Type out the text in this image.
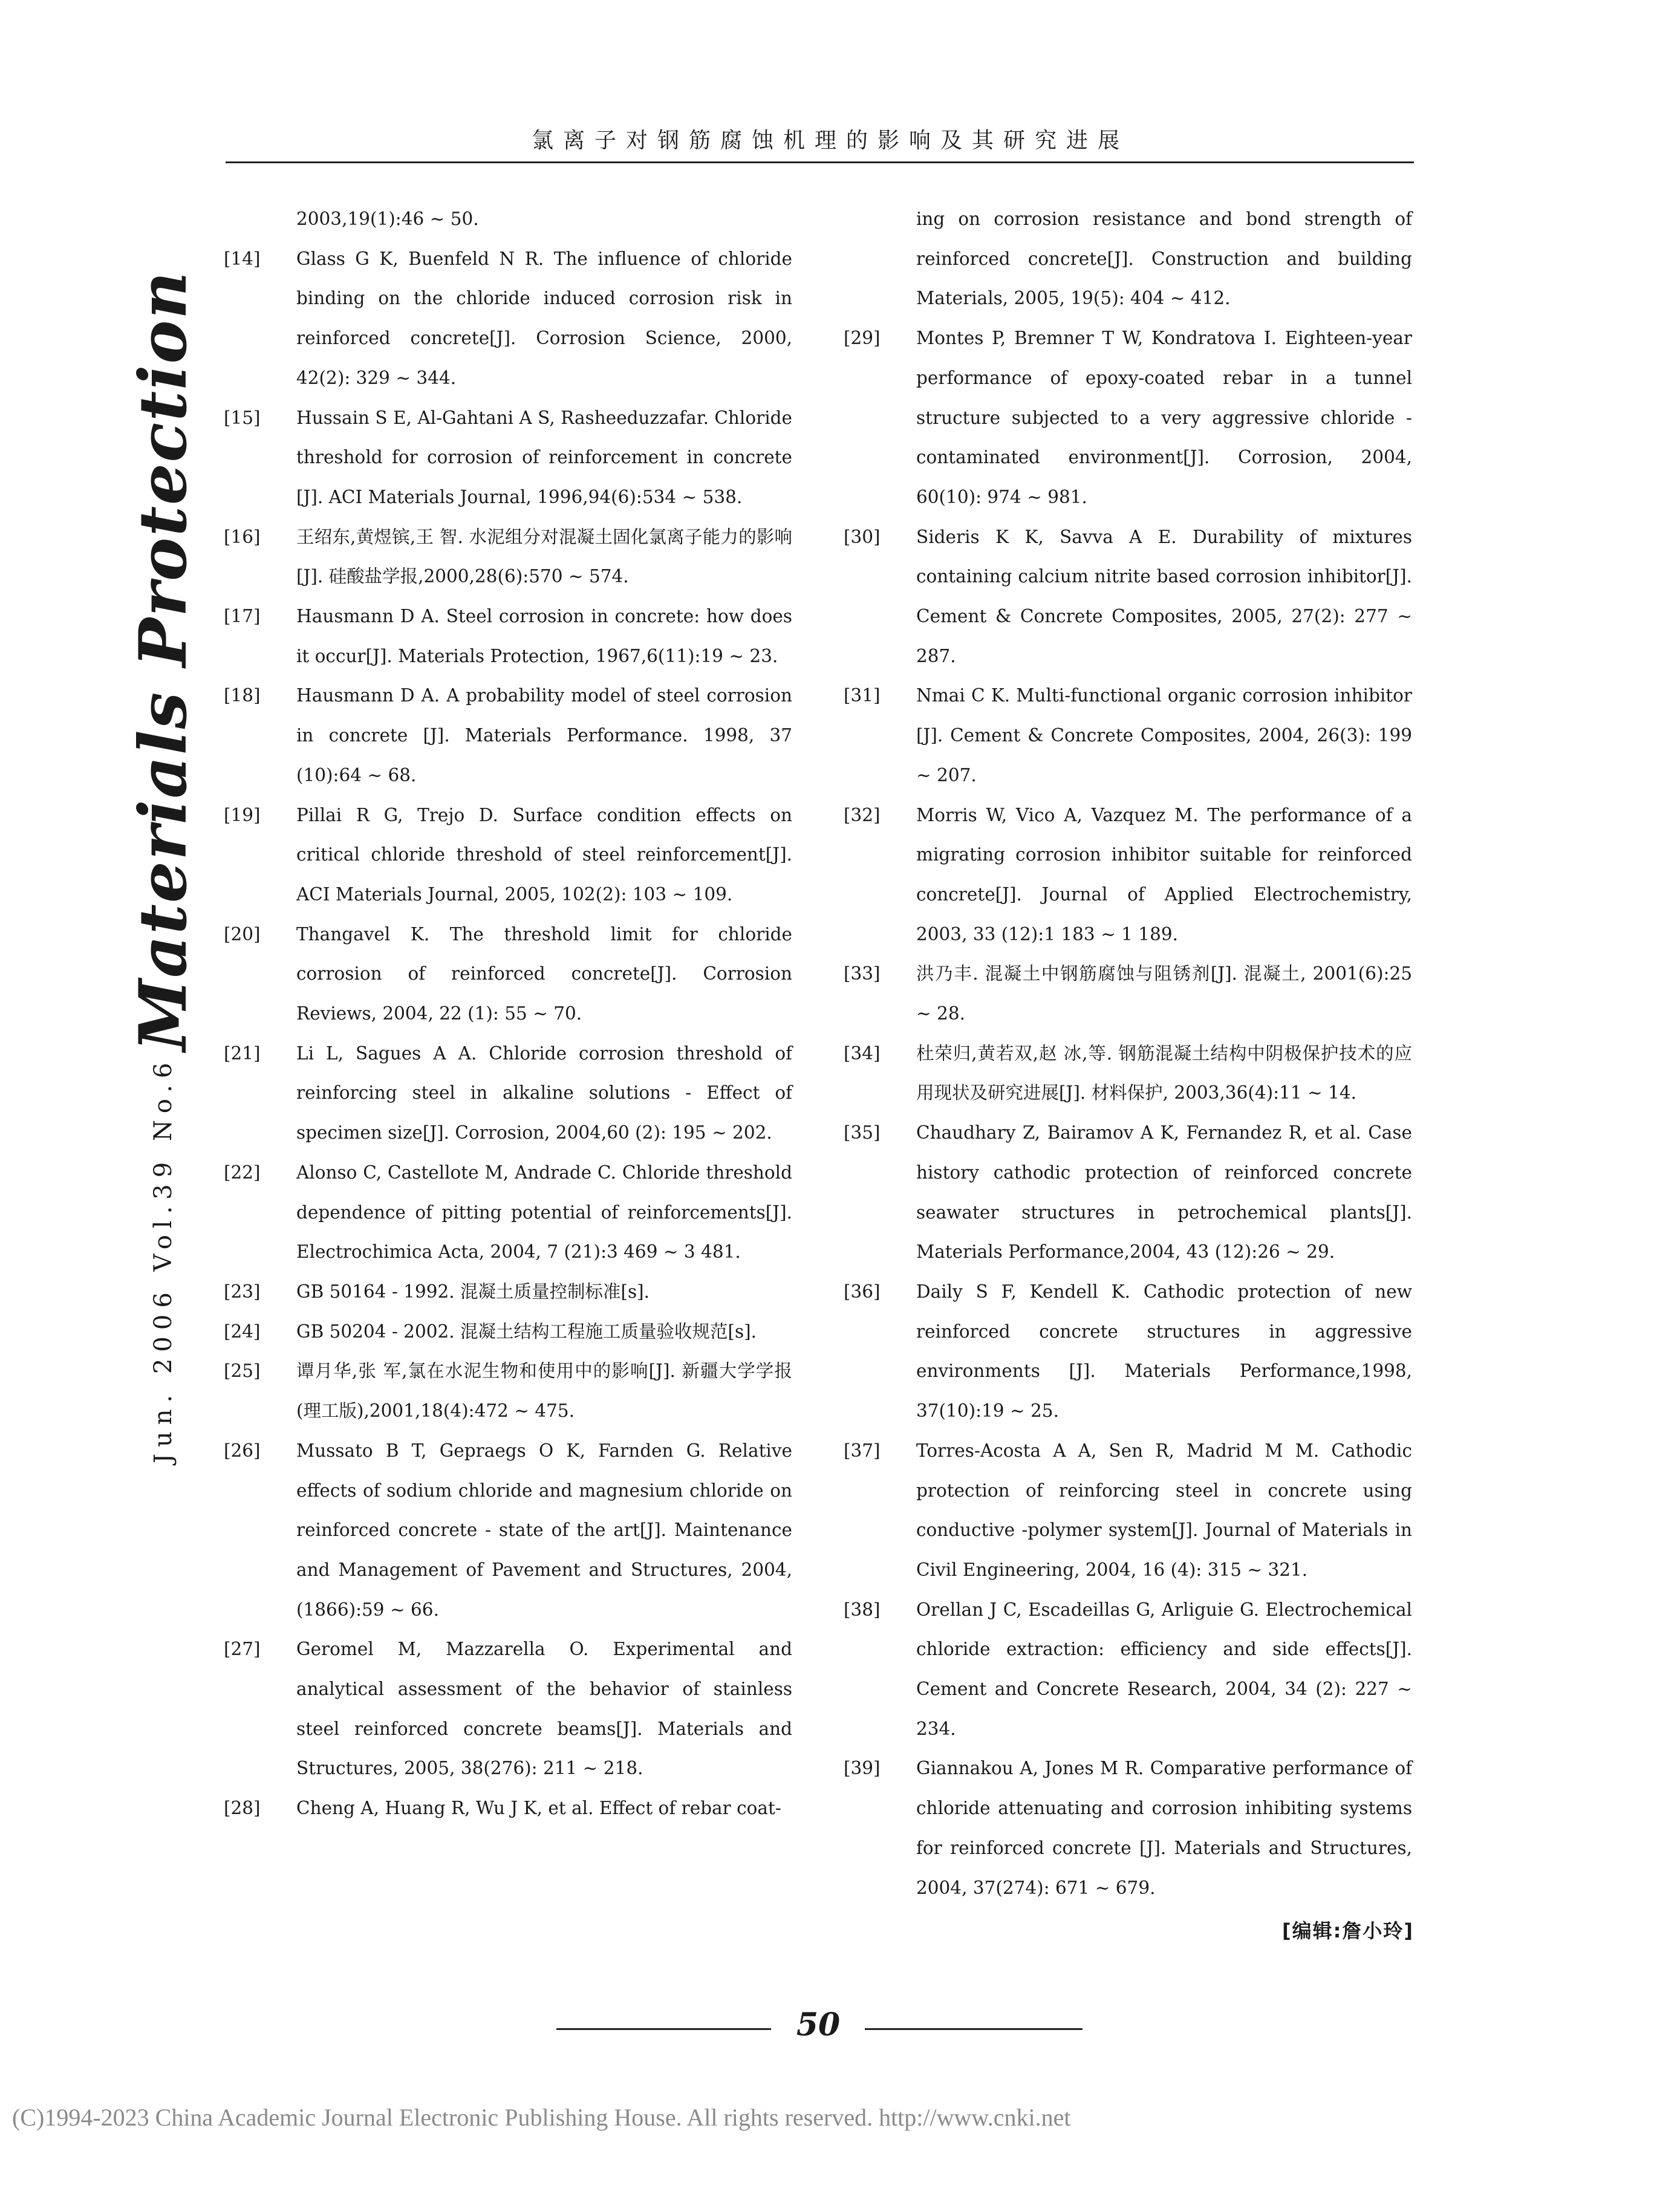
氯离子对钢筋腐蚀机理的影响及其研究进展
Jun. 2006 Vol.39 No.6
Materials Protection
2003,19(1):46 ~ 50.
[14]	Glass G K, Buenfeld N R. The influence of chloride binding on the chloride induced corrosion risk in reinforced concrete[J]. Corrosion Science, 2000, 42(2): 329 ~ 344.
[15]	Hussain S E, Al-Gahtani A S, Rasheeduzzafar. Chloride threshold for corrosion of reinforcement in concrete [J]. ACI Materials Journal, 1996,94(6):534 ~ 538.
[16]	王绍东,黄煜镔,王 智. 水泥组分对混凝土固化氯离子能力的影响[J]. 硅酸盐学报,2000,28(6):570 ~ 574.
[17]	Hausmann D A. Steel corrosion in concrete: how does it occur[J]. Materials Protection, 1967,6(11):19 ~ 23.
[18]	Hausmann D A. A probability model of steel corrosion in concrete [J]. Materials Performance. 1998, 37 (10):64 ~ 68.
[19]	Pillai R G, Trejo D. Surface condition effects on critical chloride threshold of steel reinforcement[J]. ACI Materials Journal, 2005, 102(2): 103 ~ 109.
[20]	Thangavel K. The threshold limit for chloride corrosion of reinforced concrete[J]. Corrosion Reviews, 2004, 22 (1): 55 ~ 70.
[21]	Li L, Sagues A A. Chloride corrosion threshold of reinforcing steel in alkaline solutions - Effect of specimen size[J]. Corrosion, 2004,60 (2): 195 ~ 202.
[22]	Alonso C, Castellote M, Andrade C. Chloride threshold dependence of pitting potential of reinforcements[J]. Electrochimica Acta, 2004, 7 (21):3 469 ~ 3 481.
[23]	GB 50164 - 1992. 混凝土质量控制标准[s].
[24]	GB 50204 - 2002. 混凝土结构工程施工质量验收规范[s].
[25]	谭月华,张 军,氯在水泥生物和使用中的影响[J]. 新疆大学学报(理工版),2001,18(4):472 ~ 475.
[26]	Mussato B T, Gepraegs O K, Farnden G. Relative effects of sodium chloride and magnesium chloride on reinforced concrete - state of the art[J]. Maintenance and Management of Pavement and Structures, 2004, (1866):59 ~ 66.
[27]	Geromel M, Mazzarella O. Experimental and analytical assessment of the behavior of stainless steel reinforced concrete beams[J]. Materials and Structures, 2005, 38(276): 211 ~ 218.
[28]	Cheng A, Huang R, Wu J K, et al. Effect of rebar coat-
ing on corrosion resistance and bond strength of reinforced concrete[J]. Construction and building Materials, 2005, 19(5): 404 ~ 412.
[29]	Montes P, Bremner T W, Kondratova I. Eighteen-year performance of epoxy-coated rebar in a tunnel structure subjected to a very aggressive chloride - contaminated environment[J]. Corrosion, 2004, 60(10): 974 ~ 981.
[30]	Sideris K K, Savva A E. Durability of mixtures containing calcium nitrite based corrosion inhibitor[J]. Cement & Concrete Composites, 2005, 27(2): 277 ~ 287.
[31]	Nmai C K. Multi-functional organic corrosion inhibitor [J]. Cement & Concrete Composites, 2004, 26(3): 199 ~ 207.
[32]	Morris W, Vico A, Vazquez M. The performance of a migrating corrosion inhibitor suitable for reinforced concrete[J]. Journal of Applied Electrochemistry, 2003, 33 (12):1 183 ~ 1 189.
[33]	洪乃丰. 混凝土中钢筋腐蚀与阻锈剂[J]. 混凝土, 2001(6):25 ~ 28.
[34]	杜荣归,黄若双,赵 冰,等. 钢筋混凝土结构中阴极保护技术的应用现状及研究进展[J]. 材料保护, 2003,36(4):11 ~ 14.
[35]	Chaudhary Z, Bairamov A K, Fernandez R, et al. Case history cathodic protection of reinforced concrete seawater structures in petrochemical plants[J]. Materials Performance,2004, 43 (12):26 ~ 29.
[36]	Daily S F, Kendell K. Cathodic protection of new reinforced concrete structures in aggressive environments [J]. Materials Performance,1998, 37(10):19 ~ 25.
[37]	Torres-Acosta A A, Sen R, Madrid M M. Cathodic protection of reinforcing steel in concrete using conductive -polymer system[J]. Journal of Materials in Civil Engineering, 2004, 16 (4): 315 ~ 321.
[38]	Orellan J C, Escadeillas G, Arliguie G. Electrochemical chloride extraction: efficiency and side effects[J]. Cement and Concrete Research, 2004, 34 (2): 227 ~ 234.
[39]	Giannakou A, Jones M R. Comparative performance of chloride attenuating and corrosion inhibiting systems for reinforced concrete [J]. Materials and Structures, 2004, 37(274): 671 ~ 679.
[编辑:詹小玲]
50
(C)1994-2023 China Academic Journal Electronic Publishing House. All rights reserved. http://www.cnki.net
